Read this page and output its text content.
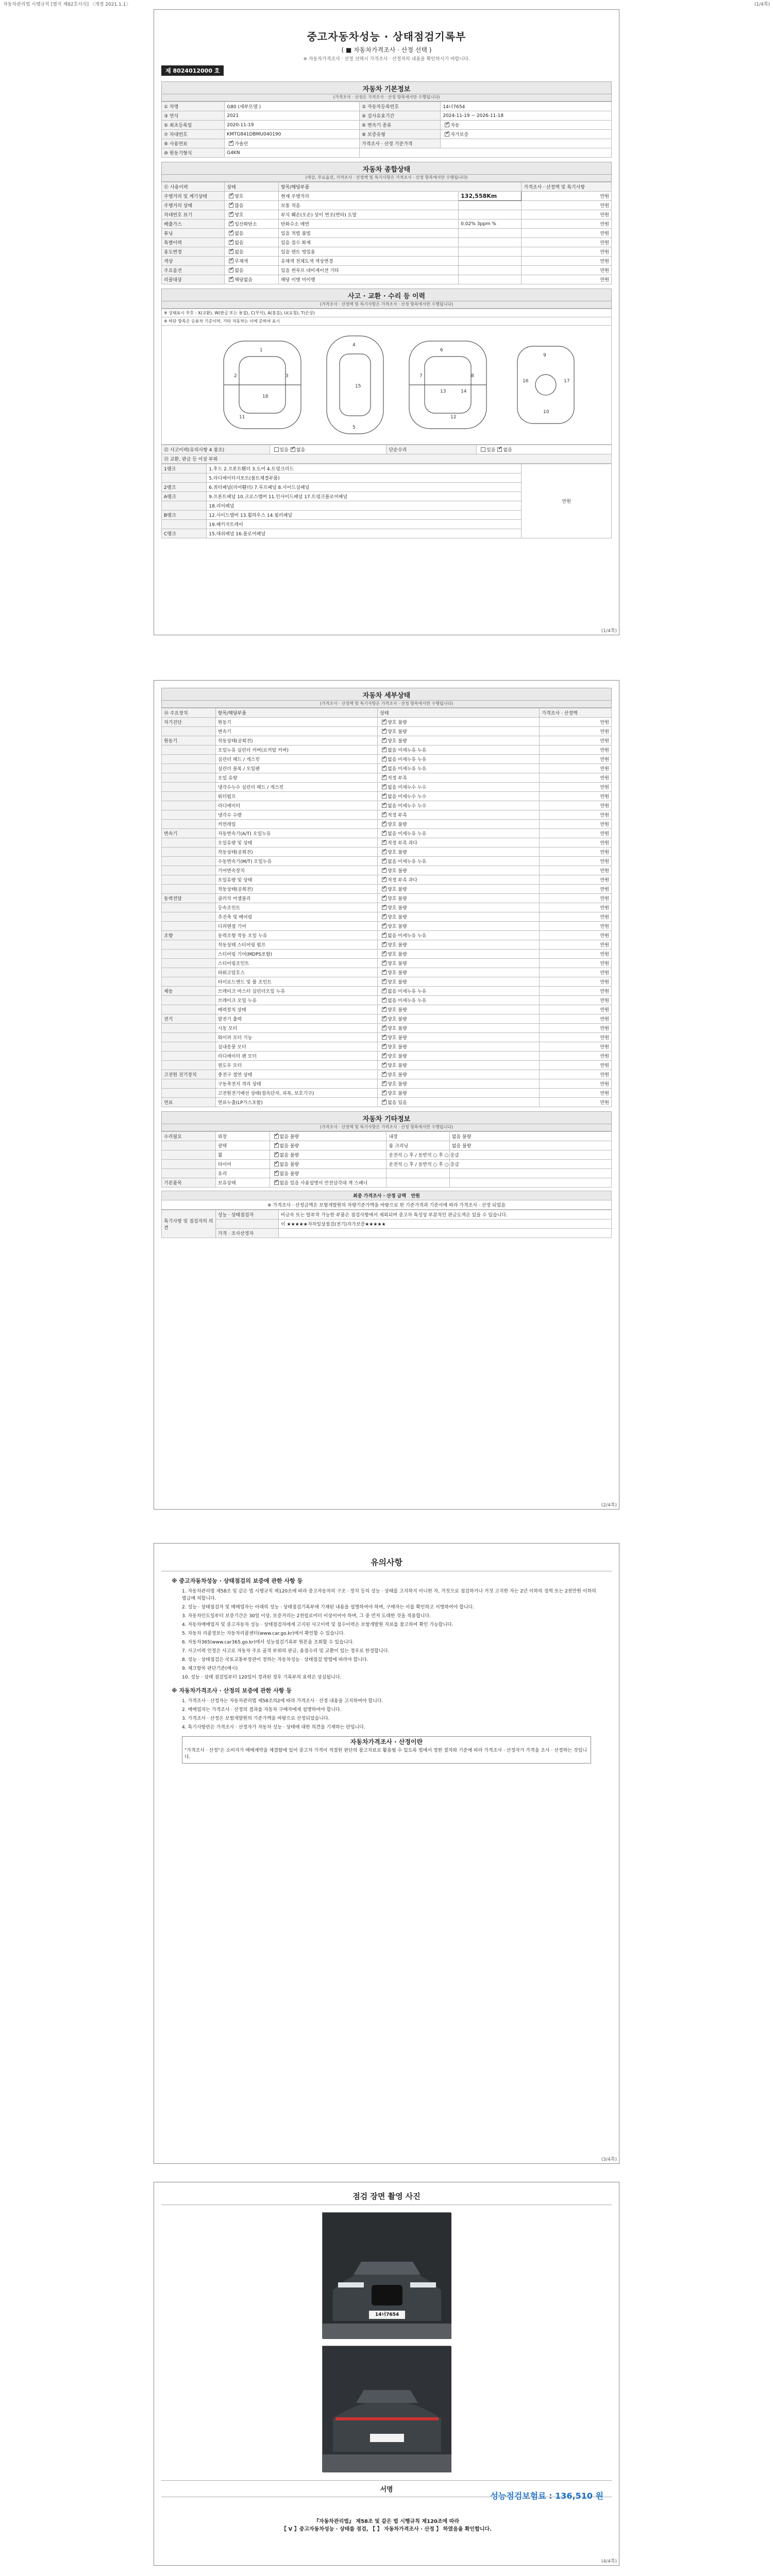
자동차관리법 시행규칙 [별지 제82호서식] 〈개정 2021.1.1〉	(1/4쪽)
중고자동차성능 · 상태점검기록부
( ■ 자동차가격조사 · 산정 선택 )
※ 자동차가격조사 · 산정 선택시 가격조사 · 산정자의 내용을 확인하시기 바랍니다.
제 8024012000 호
자동차 기본정보
(가격조사 · 산정은 가격조사 · 산정 항목에서만 수행됩니다)
① 차명	G80 (세부모델 )	② 자동차등록번호	14너7654
③ 연식	2021	④ 검사유효기간	2024-11-19 ~ 2026-11-18
⑤ 최초등록일	2020-11-19	⑥ 변속기 종류	✓자동
⑦ 차대번호	KMTG841DBMU040190	⑧ 보증유형	✓자가보증
⑨ 사용연료	✓가솔린	가격조사 · 산정 기준가격	
⑩ 원동기형식	G4KN		
자동차 종합상태
(색상, 주요옵션, 가격조사 · 산정액 및 특기사항은 가격조사 · 산정 항목에서만 수행됩니다)
⑪ 사용이력	상태	항목/해당부품		가격조사 · 산정액 및 특기사항
주행거리 및 계기상태	✓양호	현재 주행거리	132,558Km	만원
주행거리 상태	✓많음	보통 적음		만원
차대번호 표기	✓양호	부식 훼손(오손) 상이 변조(변타) 도말		만원
배출가스	✓일산화탄소	탄화수소 매연	0.02% 3ppm %	만원
튜닝	✓없음	있음 적법 불법		만원
특별이력	✓없음	있음 침수 화재		만원
용도변경	✓없음	있음 렌트 영업용		만원
색상	✓무채색	유채색 전체도색 색상변경		만원
주요옵션	✓없음	있음 썬루프 네비게이션 기타		만원
리콜대상	✓해당없음	해당 이행 미이행		만원
사고 · 교환 · 수리 등 이력
(가격조사 · 산정액 및 특기사항은 가격조사 · 산정 항목에서만 수행됩니다)
※ 상태표시 부호 : X(교환), W(판금 또는 용접), C(부식), A(흠집), U(요철), T(손상)
※ 하단 항목은 승용차 기준이며, 기타 자동차는 이에 준하여 표시
1
2	3
4
5
6
7	8
9
10
11	12
13	14
15
16	17
18
⑫ 사고이력(유의사항 4 참조)	있음 ✓ 없음	단순수리	있음 ✓ 없음
⑬ 교환, 판금 등 이상 부위
1랭크	1.후드 2.프론트휀더 3.도어 4.트렁크리드	만원
	5.라디에이터서포트(볼트체결부품)	
2랭크	6.쿼터패널(리어휀더) 7.루프패널 8.사이드실패널	
A랭크	9.프론트패널 10.크로스멤버 11.인사이드패널 17.트렁크플로어패널	
	18.리어패널	
B랭크	12.사이드멤버 13.휠하우스 14.필러패널	
	19.패키지트레이	
C랭크	15.대쉬패널 16.플로어패널	
(1/4쪽)
자동차 세부상태
(가격조사 · 산정액 및 특기사항은 가격조사 · 산정 항목에서만 수행됩니다)
⑭ 주요장치	항목/해당부품	상태	가격조사 · 산정액
자기진단	원동기	✓양호 불량	만원
	변속기	✓양호 불량	만원
원동기	작동상태(공회전)	✓양호 불량	만원
	오일누유 실린더 커버(로커암 커버)	✓없음 미세누유 누유	만원
	실린더 헤드 / 개스킷	✓없음 미세누유 누유	만원
	실린더 블록 / 오일팬	✓없음 미세누유 누유	만원
	오일 유량	✓적정 부족	만원
	냉각수누수 실린더 헤드 / 개스킷	✓없음 미세누수 누수	만원
	워터펌프	✓없음 미세누수 누수	만원
	라디에이터	✓없음 미세누수 누수	만원
	냉각수 수량	✓적정 부족	만원
	커먼레일	✓양호 불량	만원
변속기	자동변속기(A/T) 오일누유	✓없음 미세누유 누유	만원
	오일유량 및 상태	✓적정 부족 과다	만원
	작동상태(공회전)	✓양호 불량	만원
	수동변속기(M/T) 오일누유	✓없음 미세누유 누유	만원
	기어변속장치	✓양호 불량	만원
	오일유량 및 상태	✓적정 부족 과다	만원
	작동상태(공회전)	✓양호 불량	만원
동력전달	클러치 어셈블리	✓양호 불량	만원
	등속조인트	✓양호 불량	만원
	추진축 및 베어링	✓양호 불량	만원
	디퍼렌셜 기어	✓양호 불량	만원
조향	동력조향 작동 오일 누유	✓없음 미세누유 누유	만원
	작동상태 스티어링 펌프	✓양호 불량	만원
	스티어링 기어(MDPS포함)	✓양호 불량	만원
	스티어링조인트	✓양호 불량	만원
	파워고압호스	✓양호 불량	만원
	타이로드엔드 및 볼 조인트	✓양호 불량	만원
제동	브레이크 마스터 실린더오일 누유	✓없음 미세누유 누유	만원
	브레이크 오일 누유	✓없음 미세누유 누유	만원
	배력장치 상태	✓양호 불량	만원
전기	발전기 출력	✓양호 불량	만원
	시동 모터	✓양호 불량	만원
	와이퍼 모터 기능	✓양호 불량	만원
	실내송풍 모터	✓양호 불량	만원
	라디에이터 팬 모터	✓양호 불량	만원
	윈도우 모터	✓양호 불량	만원
고전원 전기장치	충전구 절연 상태	✓양호 불량	만원
	구동축전지 격리 상태	✓양호 불량	만원
	고전원전기배선 상태(접속단자, 피복, 보호기구)	✓양호 불량	만원
연료	연료누출(LP가스포함)	✓없음 있음	만원
자동차 기타정보
(가격조사 · 산정액 및 특기사항은 가격조사 · 산정 항목에서만 수행됩니다)
수리필요	외장	✓없음 불량	내장	없음 불량
	광택	✓없음 불량	룸 크리닝	없음 불량
	휠	✓없음 불량	운전석 ○ 후 / 동반석 ○ 후 ○ 응급	
	타이어	✓없음 불량	운전석 ○ 후 / 동반석 ○ 후 ○ 응급	
	유리	✓없음 불량		
기본품목	보유상태	✓없음 있음 사용설명서 안전삼각대 잭 스패너		
최종 가격조사 · 산정 금액 만원
※ 가격조사 · 산정금액은 보험개발원의 차량기준가액을 바탕으로 한 기준가격과 기준서에 따라 가격조사 · 산정 되었음
특기사항 및 점검자의 의견	성능 · 상태점검자	비금속 또는 탈부착 가능한 부품은 점검사항에서 제외되며 중고차 특성상 부분적인 판금도색은 있을 수 있습니다.
		이 ★★★★★자차일상점검(전기)자가보증★★★★★
	가격 · 조사산정자	
(2/4쪽)
유의사항
※ 중고자동차성능 · 상태점검의 보증에 관한 사항 등
1. 자동차관리법 제58조 및 같은 법 시행규칙 제120조에 따라 중고자동차의 구조 · 장치 등의 성능 · 상태를 고지하지 아니한 자, 거짓으로 점검하거나 거짓 고지한 자는 2년 이하의 징역 또는 2천만원 이하의 벌금에 처합니다.
2. 성능 · 상태점검자 및 매매업자는 아래의 성능 · 상태점검기록부에 기재된 내용을 설명하여야 하며, 구매자는 이를 확인하고 서명하여야 합니다.
3. 자동차인도일부터 보증기간은 30일 이상, 보증거리는 2천킬로미터 이상이어야 하며, 그 중 먼저 도래한 것을 적용합니다.
4. 자동차매매업자 및 중고자동차 성능 · 상태점검자에게 고지된 사고이력 및 침수이력은 보험개발원 자료를 참고하여 확인 가능합니다.
5. 자동차 리콜정보는 자동차리콜센터(www.car.go.kr)에서 확인할 수 있습니다.
6. 자동차365(www.car365.go.kr)에서 성능점검기록부 원본을 조회할 수 있습니다.
7. 사고이력 인정은 사고로 자동차 주요 골격 부위의 판금, 용접수리 및 교환이 있는 경우로 한정합니다.
8. 성능 · 상태점검은 국토교통부장관이 정하는 자동차성능 · 상태점검 방법에 따라야 합니다.
9. 체크항목 판단기준(예시)
10. 성능 · 상태 점검일부터 120일이 경과된 경우 기록부의 효력은 상실됩니다.
※ 자동차가격조사 · 산정의 보증에 관한 사항 등
1. 가격조사 · 산정자는 자동차관리법 제58조의2에 따라 가격조사 · 산정 내용을 고지하여야 합니다.
2. 매매업자는 가격조사 · 산정의 결과를 자동차 구매자에게 설명하여야 합니다.
3. 가격조사 · 산정은 보험개발원의 기준가액을 바탕으로 산정되었습니다.
4. 특기사항란은 가격조사 · 산정자가 자동차 성능 · 상태에 대한 의견을 기재하는 란입니다.
자동차가격조사 · 산정이란
"가격조사 · 산정"은 소비자가 매매계약을 체결함에 있어 중고차 가격이 적절한 판단의 참고자료로 활용될 수 있도록 법에서 정한 절차와 기준에 따라 가격조사 · 산정자가 가격을 조사 · 산정하는 것입니다.
(3/4쪽)
점검 장면 촬영 사진
14너7654
서명
성능점검보험료 : 136,510 원
『자동차관리법』 제58조 및 같은 법 시행규칙 제120조에 따라
【 V 】중고자동차성능 · 상태를 점검, 【 】 자동차가격조사 · 산정 】 하였음을 확인합니다.
(4/4쪽)
